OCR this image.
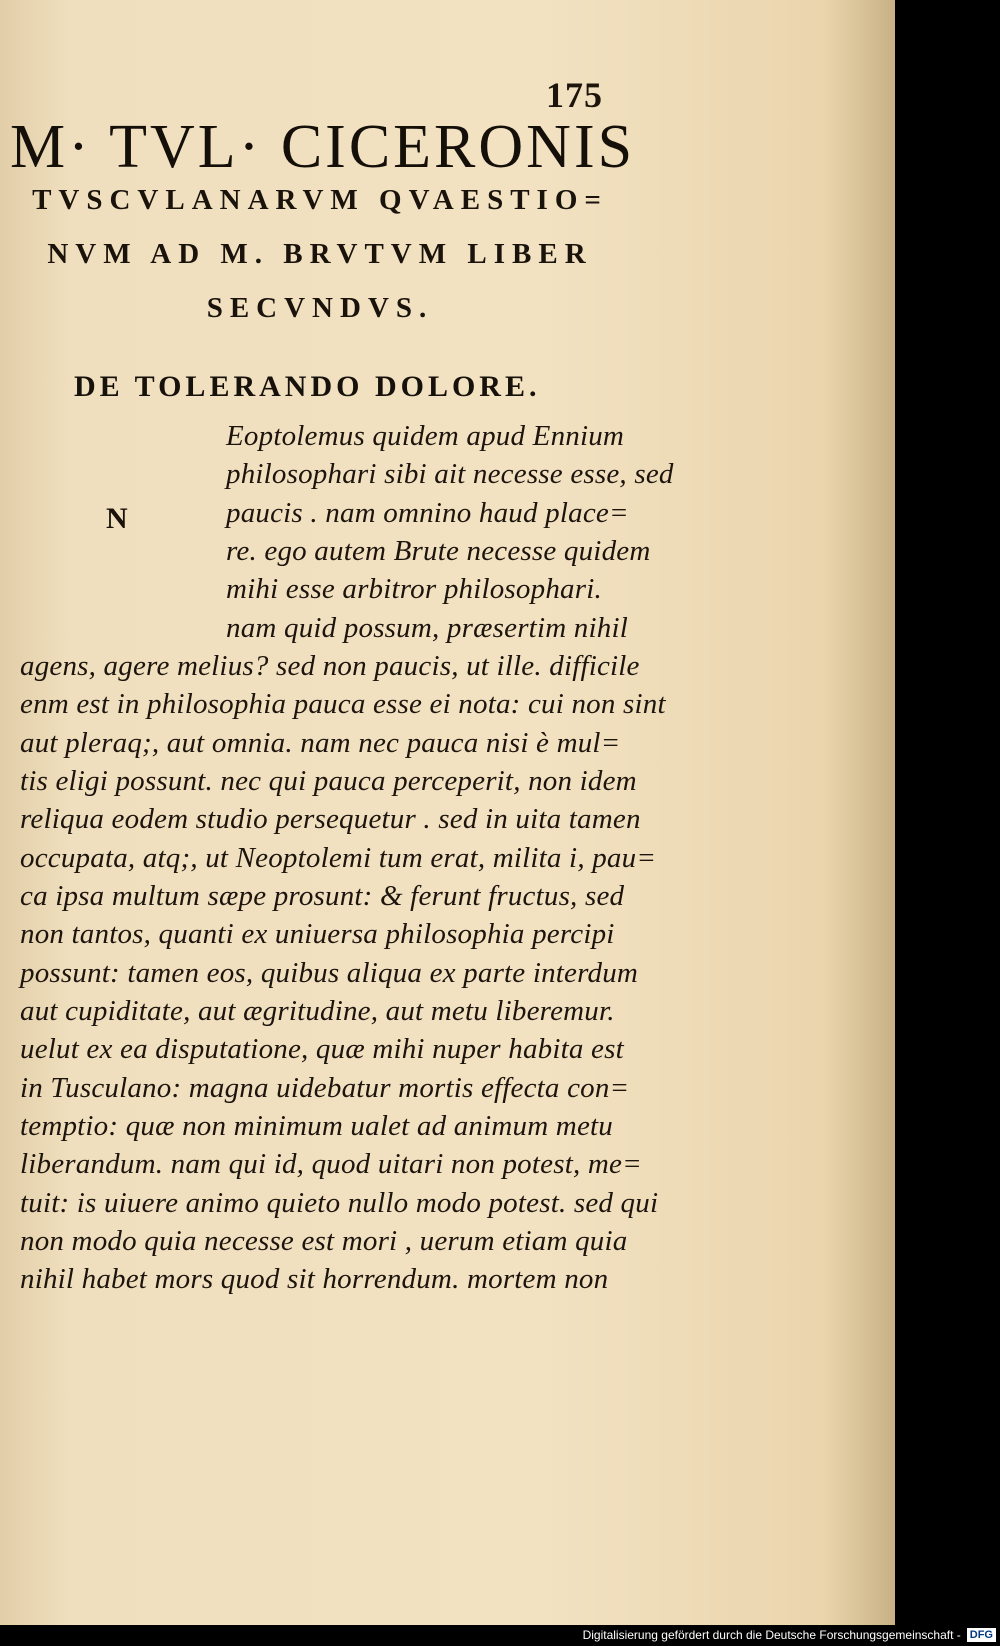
175
M· TVL· CICERONIS
TVSCVLANARVM QVAESTIO=
NVM AD M. BRVTVM LIBER
SECVNDVS.
DE TOLERANDO DOLORE.
N
Eoptolemus quidem apud Ennium
philosophari sibi ait necesse esse, sed
paucis . nam omnino haud place=
re. ego autem Brute necesse quidem
mihi esse arbitror philosophari.
nam quid possum, præsertim nihil
agens, agere melius? sed non paucis, ut ille. difficile
enm est in philosophia pauca esse ei nota: cui non sint
aut pleraq;, aut omnia. nam nec pauca nisi è mul=
tis eligi possunt. nec qui pauca perceperit, non idem
reliqua eodem studio persequetur . sed in uita tamen
occupata, atq;, ut Neoptolemi tum erat, milita i, pau=
ca ipsa multum sæpe prosunt: & ferunt fructus, sed
non tantos, quanti ex uniuersa philosophia percipi
possunt: tamen eos, quibus aliqua ex parte interdum
aut cupiditate, aut ægritudine, aut metu liberemur.
uelut ex ea disputatione, quæ mihi nuper habita est
in Tusculano: magna uidebatur mortis effecta con=
temptio: quæ non minimum ualet ad animum metu
liberandum. nam qui id, quod uitari non potest, me=
tuit: is uiuere animo quieto nullo modo potest. sed qui
non modo quia necesse est mori , uerum etiam quia
nihil habet mors quod sit horrendum. mortem non
Digitalisierung gefördert durch die Deutsche Forschungsgemeinschaft - DFG
